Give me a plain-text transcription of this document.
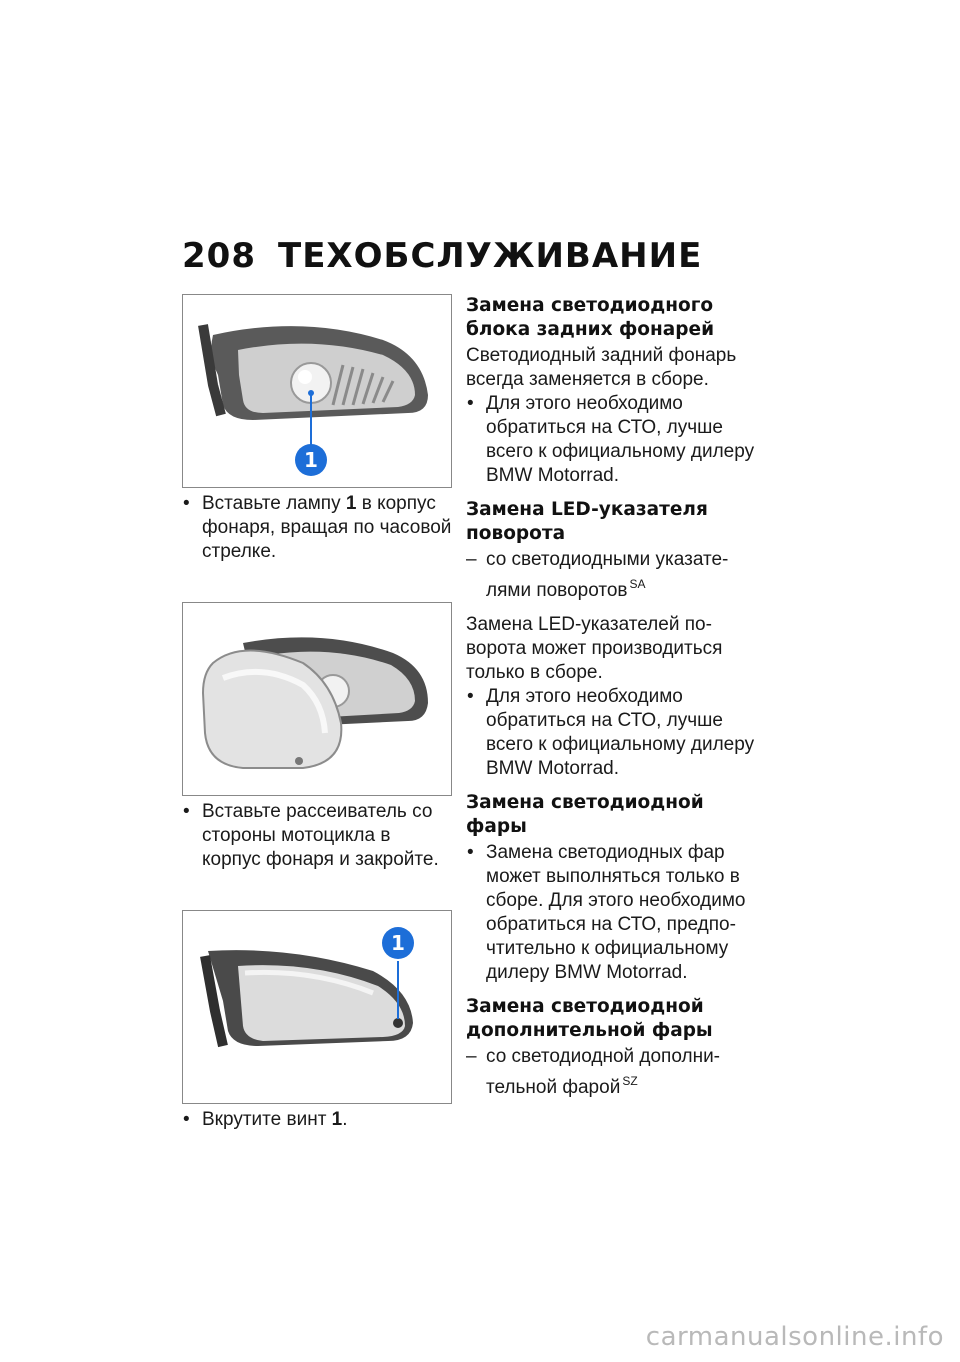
208 ТЕХОБСЛУЖИВАНИЕ
1
• Вставьте лампу 1 в корпус фонаря, вращая по часовой стрелке.
• Вставьте рассеиватель со стороны мотоцикла в корпус фонаря и закройте.
1
• Вкрутите винт 1.
Замена светодиодного блока задних фонарей

Светодиодный задний фонарь всегда заменяется в сборе.

• Для этого необходимо обратиться на СТО, лучше всего к официальному дилеру BMW Motorrad.
Замена LED-указателя поворота
– со светодиодными указате-лями поворотов $^{SA}$

Замена LED-указателей по-ворота может производиться только в сборе.

• Для этого необходимо обратиться на СТО, лучше всего к официальному дилеру BMW Motorrad.
Замена светодиодной фары
• Замена светодиодных фар может выполняться только в сборе. Для этого необходимо обратиться на СТО, предпо-чтительно к официальному дилеру BMW Motorrad.
Замена светодиодной дополнительной фары
– со светодиодной дополни-тельной фарой $^{SZ}$
carmanualsonline.info
